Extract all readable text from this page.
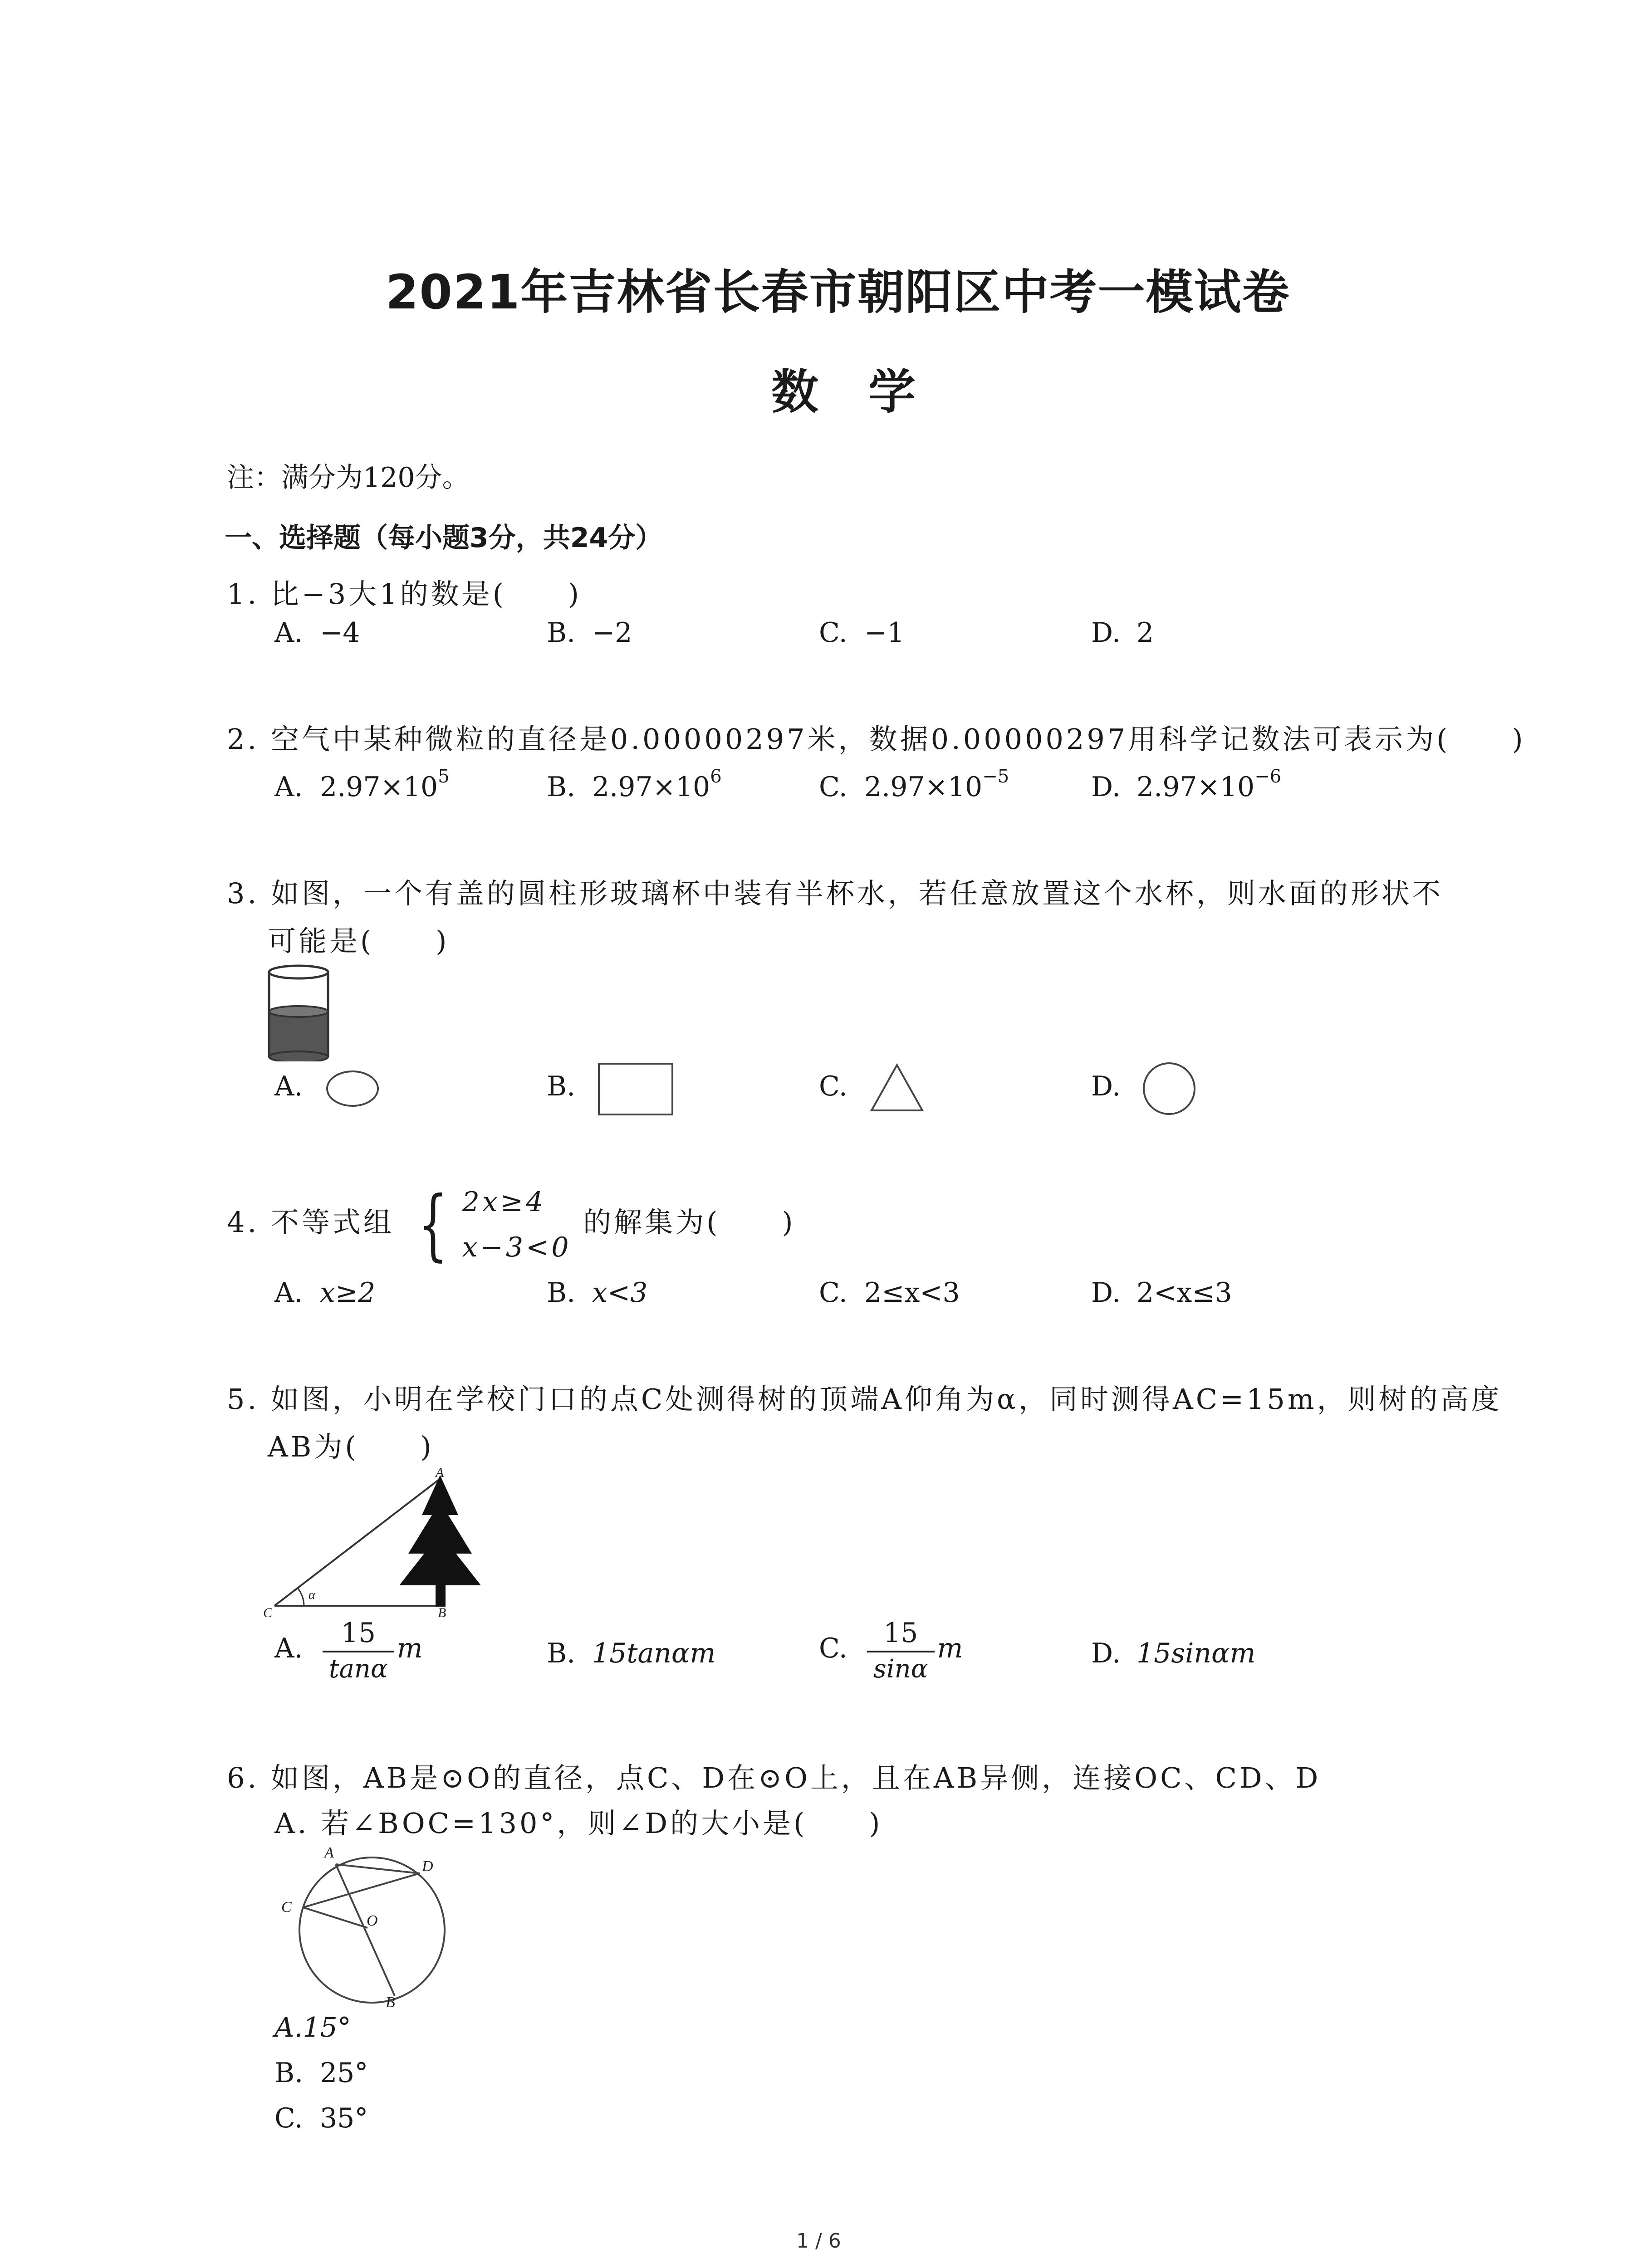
2021年吉林省长春市朝阳区中考一模试卷
数学
注：满分为120分。
一、选择题（每小题3分，共24分）
1. 比−3大1的数是(　　)
A. −4	B. −2	C. −1	D. 2
2. 空气中某种微粒的直径是0.00000297米，数据0.00000297用科学记数法可表示为(　　)
A. $2.97\times 10^5$	B. $2.97\times 10^6$	C. $2.97\times 10^{-5}$	D. $2.97\times 10^{-6}$
3. 如图，一个有盖的圆柱形玻璃杯中装有半杯水，若任意放置这个水杯，则水面的形状不
可能是(　　)
A.	B.	C.	D.
4. 不等式组 { 2x≥4
x−3<0
的解集为(　　)
A. x≥2	B. x<3	C. 2≤x<3	D. 2<x≤3
5. 如图，小明在学校门口的点C处测得树的顶端A仰角为α，同时测得AC=15m，则树的高度
AB为(　　)
A
B
C
α
A. $\frac{15}{\tan\alpha}$ m	B. 15tanαm	C. $\frac{15}{\sin\alpha}$ m	D. 15sinαm
6. 如图，AB是⊙O的直径，点C、D在⊙O上，且在AB异侧，连接OC、CD、D
A. 若∠BOC=130°，则∠D的大小是(　　)
A
D
C
O
B
A.15°
B. 25°
C. 35°
1 / 6
